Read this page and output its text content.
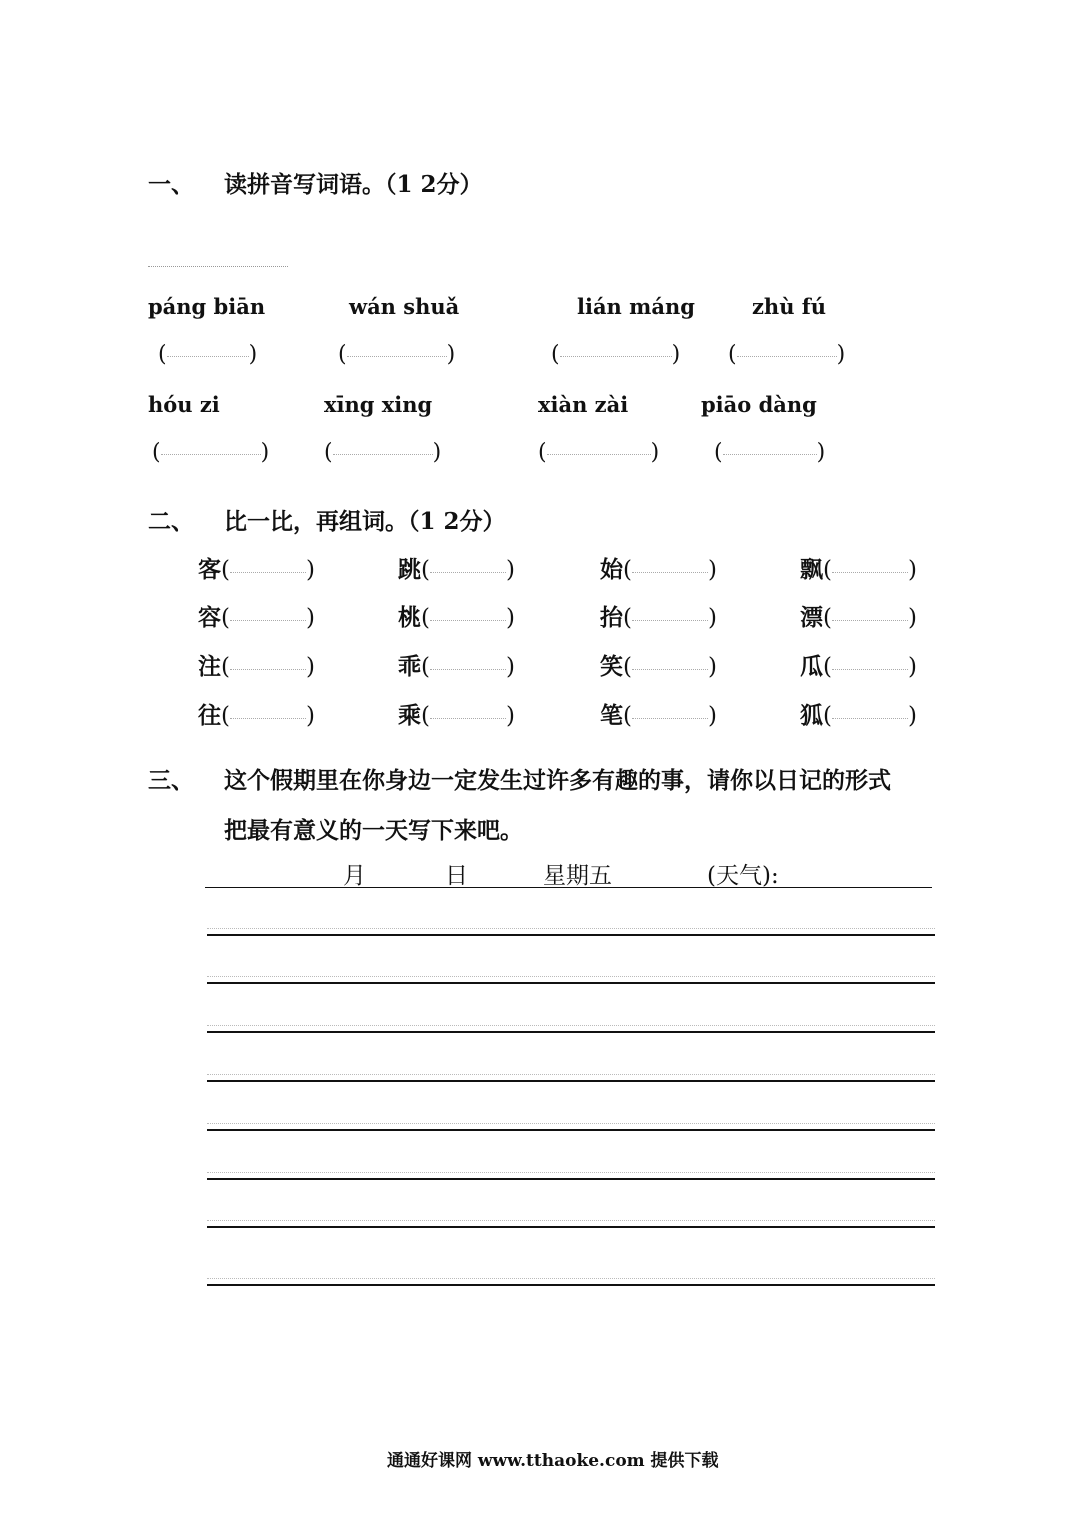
一、 读拼音写词语。（1 2分）
páng biān	wán shuǎ	lián máng	zhù fú
(	)	(	)	(	) (	)
hóu zi	xīng xing	xiàn zài	piāo dàng
(	) (	)	(	) (	)
二、 比一比，再组词。（1 2分）
客(	)	跳(	)	始(	)	飘(	)
容(	)	桃(	)	抬(	)	漂(	)
注(	)	乖(	)	笑(	)	瓜(	)
往(	)	乘(	)	笔(	)	狐(	)
三、 这个假期里在你身边一定发生过许多有趣的事，请你以日记的形式
把最有意义的一天写下来吧。
月	日	星期五	(天气):
通通好课网 www.tthaoke.com 提供下载
